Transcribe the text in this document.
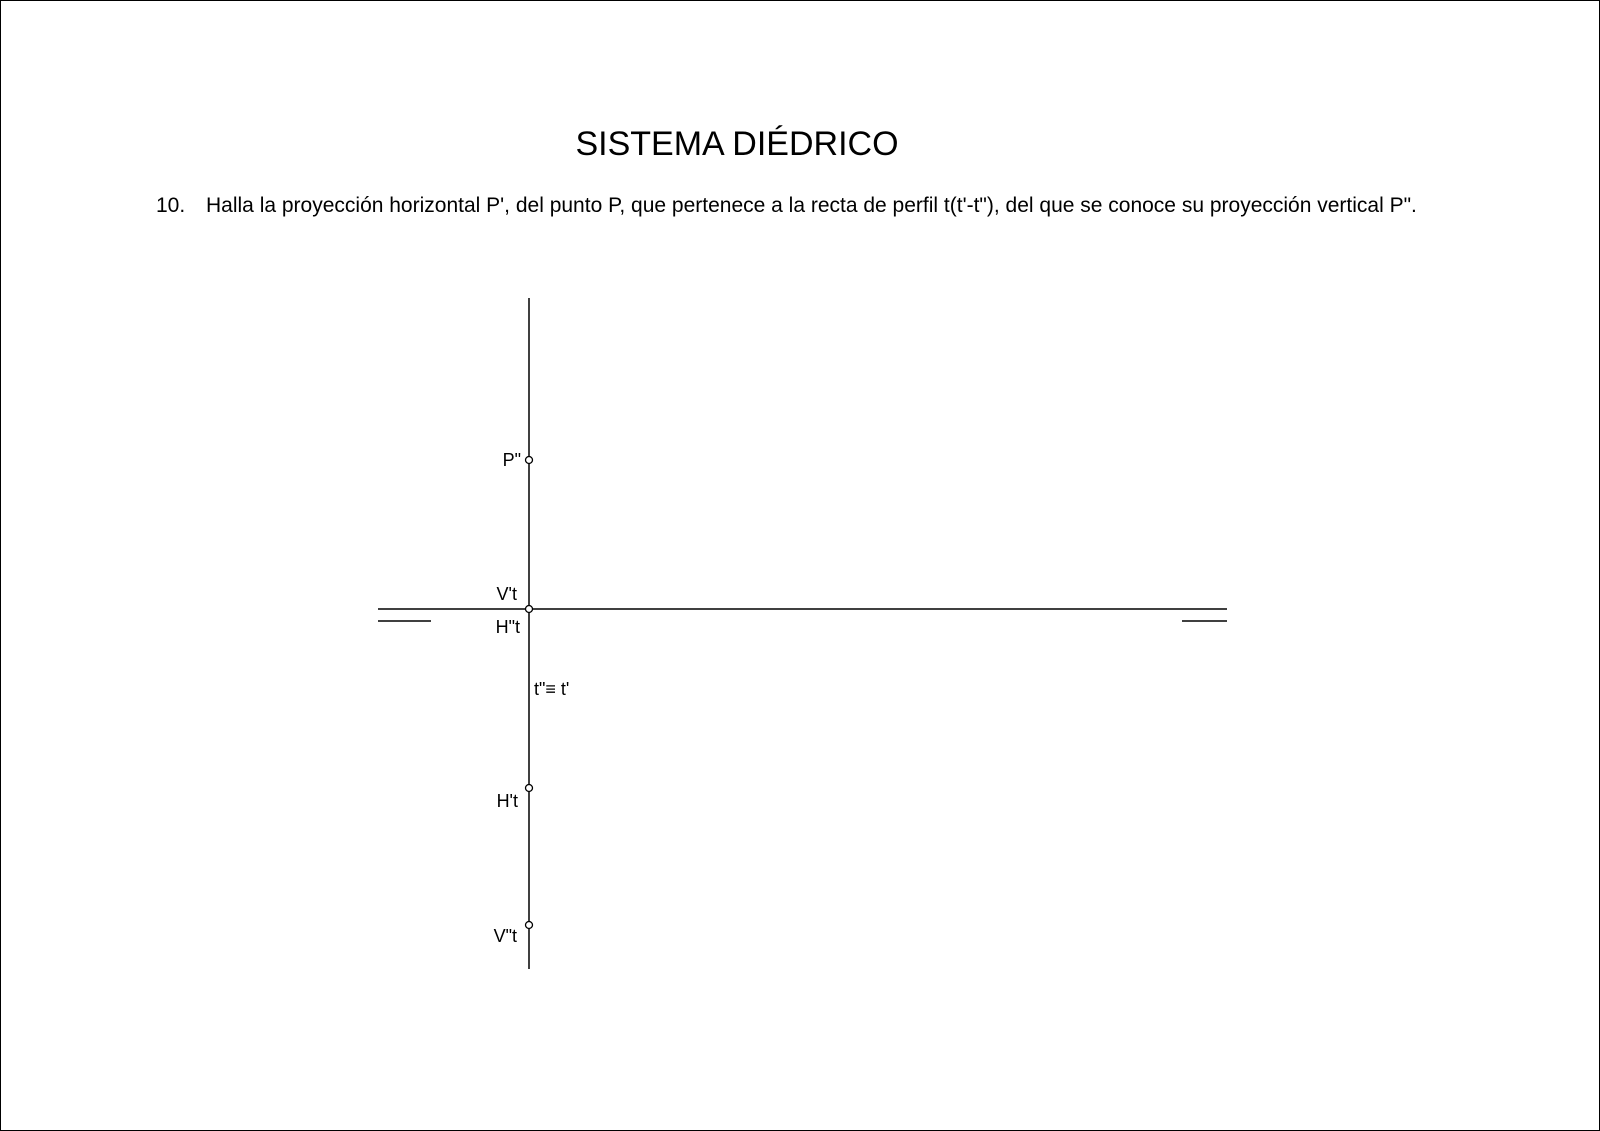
SISTEMA DIÉDRICO
10. Halla la proyección horizontal P', del punto P, que pertenece a la recta de perfil t(t'-t"), del que se conoce su proyección vertical P".
P"
V't
H"t
t"≡ t'
H't
V"t
